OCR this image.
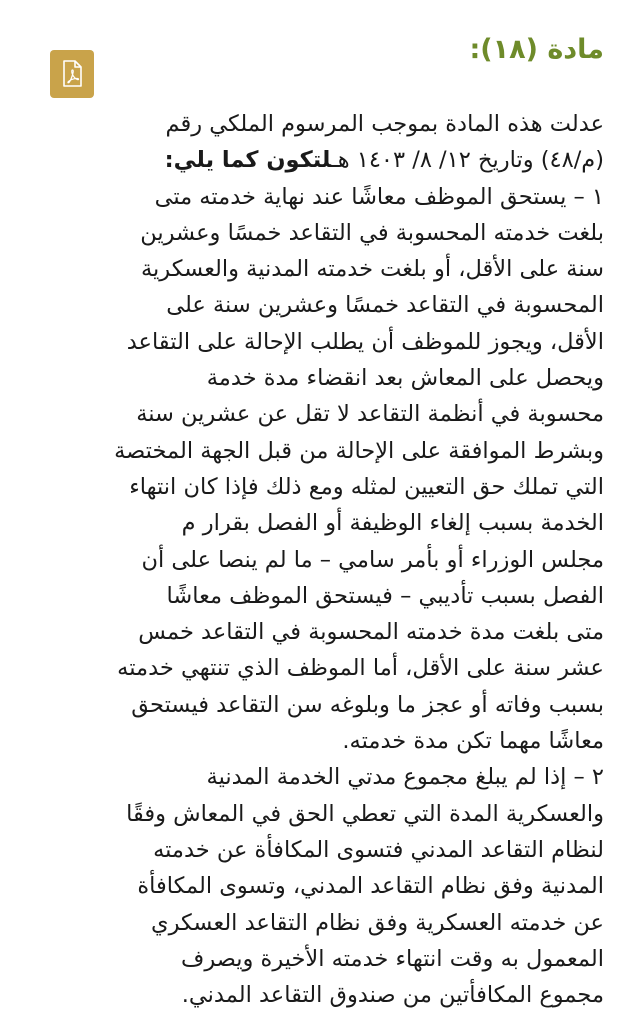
مادة (١٨):
عدلت هذه المادة بموجب المرسوم الملكي رقم
(م/٤٨) وتاريخ ١٢/ ٨/ ١٤٠٣ هـلتكون كما يلي:
١ – يستحق الموظف معاشًا عند نهاية خدمته متى
بلغت خدمته المحسوبة في التقاعد خمسًا وعشرين
سنة على الأقل، أو بلغت خدمته المدنية والعسكرية
المحسوبة في التقاعد خمسًا وعشرين سنة على
الأقل، ويجوز للموظف أن يطلب الإحالة على التقاعد
ويحصل على المعاش بعد انقضاء مدة خدمة
محسوبة في أنظمة التقاعد لا تقل عن عشرين سنة
وبشرط الموافقة على الإحالة من قبل الجهة المختصة
التي تملك حق التعيين لمثله ومع ذلك فإذا كان انتهاء
الخدمة بسبب إلغاء الوظيفة أو الفصل بقرار م
مجلس الوزراء أو بأمر سامي – ما لم ينصا على أن
الفصل بسبب تأديبي – فيستحق الموظف معاشًا
متى بلغت مدة خدمته المحسوبة في التقاعد خمس
عشر سنة على الأقل، أما الموظف الذي تنتهي خدمته
بسبب وفاته أو عجز ما وبلوغه سن التقاعد فيستحق
معاشًا مهما تكن مدة خدمته.
٢ – إذا لم يبلغ مجموع مدتي الخدمة المدنية
والعسكرية المدة التي تعطي الحق في المعاش وفقًا
لنظام التقاعد المدني فتسوى المكافأة عن خدمته
المدنية وفق نظام التقاعد المدني، وتسوى المكافأة
عن خدمته العسكرية وفق نظام التقاعد العسكري
المعمول به وقت انتهاء خدمته الأخيرة ويصرف
مجموع المكافأتين من صندوق التقاعد المدني.
